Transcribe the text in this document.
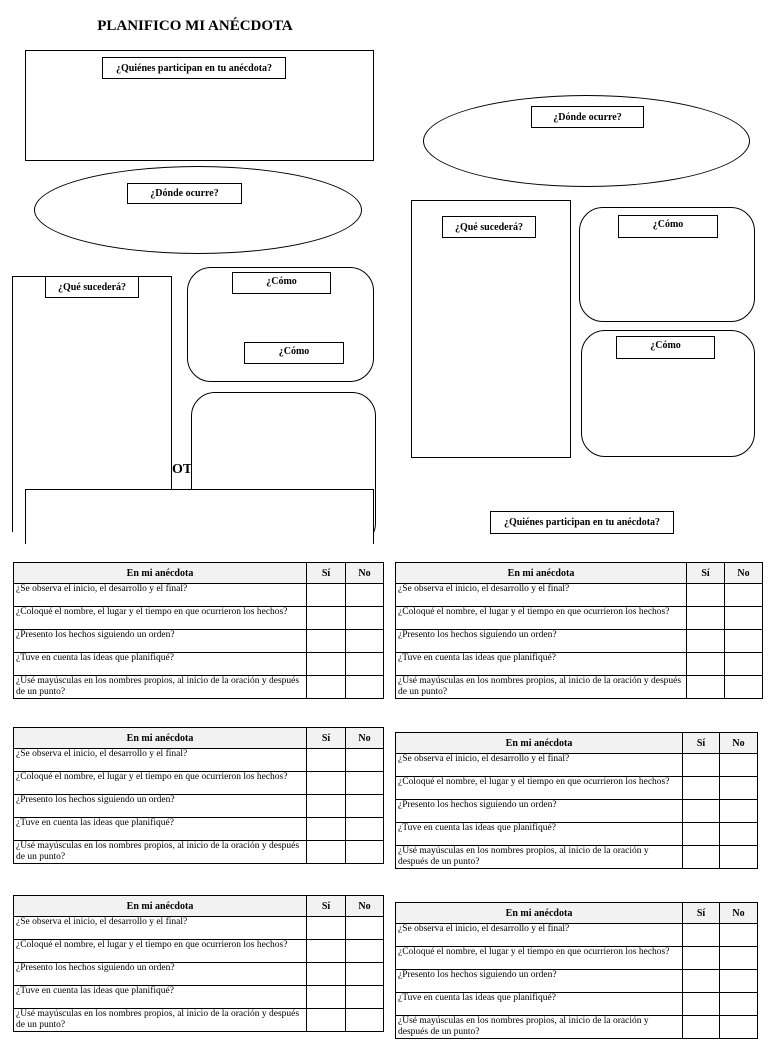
PLANIFICO MI ANÉCDOTA
¿Quiénes participan en tu anécdota?
¿Dónde ocurre?
¿Qué sucederá?	¿Cómo
¿Cómo
OT
¿Dónde ocurre?
¿Qué sucederá?	¿Cómo
¿Cómo
¿Quiénes participan en tu anécdota?
En mi anécdota	Sí	No
¿Se observa el inicio, el desarrollo y el final?		
¿Coloqué el nombre, el lugar y el tiempo en que ocurrieron los hechos?		
¿Presento los hechos siguiendo un orden?		
¿Tuve en cuenta las ideas que planifiqué?		
¿Usé mayúsculas en los nombres propios, al inicio de la oración y después de un punto?		
En mi anécdota	Sí	No
¿Se observa el inicio, el desarrollo y el final?		
¿Coloqué el nombre, el lugar y el tiempo en que ocurrieron los hechos?		
¿Presento los hechos siguiendo un orden?		
¿Tuve en cuenta las ideas que planifiqué?		
¿Usé mayúsculas en los nombres propios, al inicio de la oración y después de un punto?		
En mi anécdota	Sí	No
¿Se observa el inicio, el desarrollo y el final?		
¿Coloqué el nombre, el lugar y el tiempo en que ocurrieron los hechos?		
¿Presento los hechos siguiendo un orden?		
¿Tuve en cuenta las ideas que planifiqué?		
¿Usé mayúsculas en los nombres propios, al inicio de la oración y después de un punto?		
En mi anécdota	Sí	No
¿Se observa el inicio, el desarrollo y el final?		
¿Coloqué el nombre, el lugar y el tiempo en que ocurrieron los hechos?		
¿Presento los hechos siguiendo un orden?		
¿Tuve en cuenta las ideas que planifiqué?		
¿Usé mayúsculas en los nombres propios, al inicio de la oración y después de un punto?		
En mi anécdota	Sí	No
¿Se observa el inicio, el desarrollo y el final?		
¿Coloqué el nombre, el lugar y el tiempo en que ocurrieron los hechos?		
¿Presento los hechos siguiendo un orden?		
¿Tuve en cuenta las ideas que planifiqué?		
¿Usé mayúsculas en los nombres propios, al inicio de la oración y después de un punto?		
En mi anécdota	Sí	No
¿Se observa el inicio, el desarrollo y el final?		
¿Coloqué el nombre, el lugar y el tiempo en que ocurrieron los hechos?		
¿Presento los hechos siguiendo un orden?		
¿Tuve en cuenta las ideas que planifiqué?		
¿Usé mayúsculas en los nombres propios, al inicio de la oración y después de un punto?		
